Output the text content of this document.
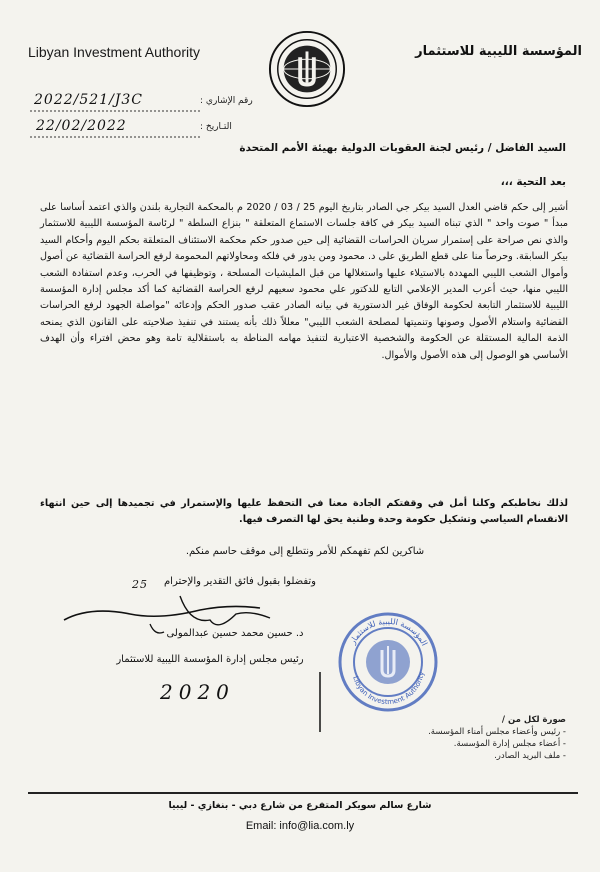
Libyan Investment Authority	المؤسسة الليبية للاستثمار
رقم الإشاري :
2022/521/J3C
التـاريخ :
22/02/2022
السيد الفاضل / رئيس لجنة العقوبات الدولية بهيئة الأمم المتحدة
بعد التحية ،،،
أشير إلى حكم قاضي العدل السيد بيكر جي الصادر بتاريخ اليوم 25 / 03 / 2020 م بالمحكمة التجارية بلندن والذي اعتمد أساسا على مبدأ " صوت واحد " الذي تبناه السيد بيكر في كافة جلسات الاستماع المتعلقة " بنزاع السلطة " لرئاسة المؤسسة الليبية للاستثمار والذي نص صراحة على إستمرار سريان الحراسات القضائية إلى حين صدور حكم محكمة الاستئناف المتعلقة بحكم اليوم وأحكام السيد بيكر السابقة. وحرصاً منا على قطع الطريق على د. محمود ومن يدور في فلكه ومحاولاتهم المحمومة لرفع الحراسة القضائية عن أصول وأموال الشعب الليبي المهددة بالاستيلاء عليها واستغلالها من قبل المليشيات المسلحة ، وتوظيفها في الحرب، وعدم استفادة الشعب الليبي منها، حيث أعرب المدير الإعلامي التابع للدكتور علي محمود سعيهم لرفع الحراسة القضائية كما أكد مجلس إدارة المؤسسة الليبية للاستثمار التابعة لحكومة الوفاق غير الدستورية في بيانه الصادر عقب صدور الحكم وإدعائه "مواصلة الجهود لرفع الحراسات القضائية واستلام الأصول وصونها وتنميتها لمصلحة الشعب الليبي" معللاً ذلك بأنه يستند في تنفيذ صلاحيته على القانون الذي يمنحه الذمة المالية المستقلة عن الحكومة والشخصية الاعتبارية لتنفيذ مهامه المناطة به باستقلالية تامة وهو محض افتراء وأن الهدف الأساسي هو الوصول إلى هذه الأصول والأموال.
لذلك نخاطبكم وكلنا أمل في وقفتكم الجادة معنا في التحفظ عليها والإستمرار في تجميدها إلى حين انتهاء الانقسام السياسي وتشكيل حكومة وحدة وطنية يحق لها التصرف فيها.
شاكرين لكم تفهمكم للأمر ونتطلع إلى موقف حاسم منكم.
وتفضلوا بقبول فائق التقدير والإحترام
25
د. حسين محمد حسين عبدالمولى
رئيس مجلس إدارة المؤسسة الليبية للاستثمار
2020
المؤسسة الليبية للاستثمار
Libyan Investment Authority
صورة لكل من /
- رئيس وأعضاء مجلس أمناء المؤسسة.
- أعضاء مجلس إدارة المؤسسة.
- ملف البريد الصادر.
شارع سالم سويكر المتفرع من شارع دبي - بنغازي - ليبيا
Email: info@lia.com.ly
